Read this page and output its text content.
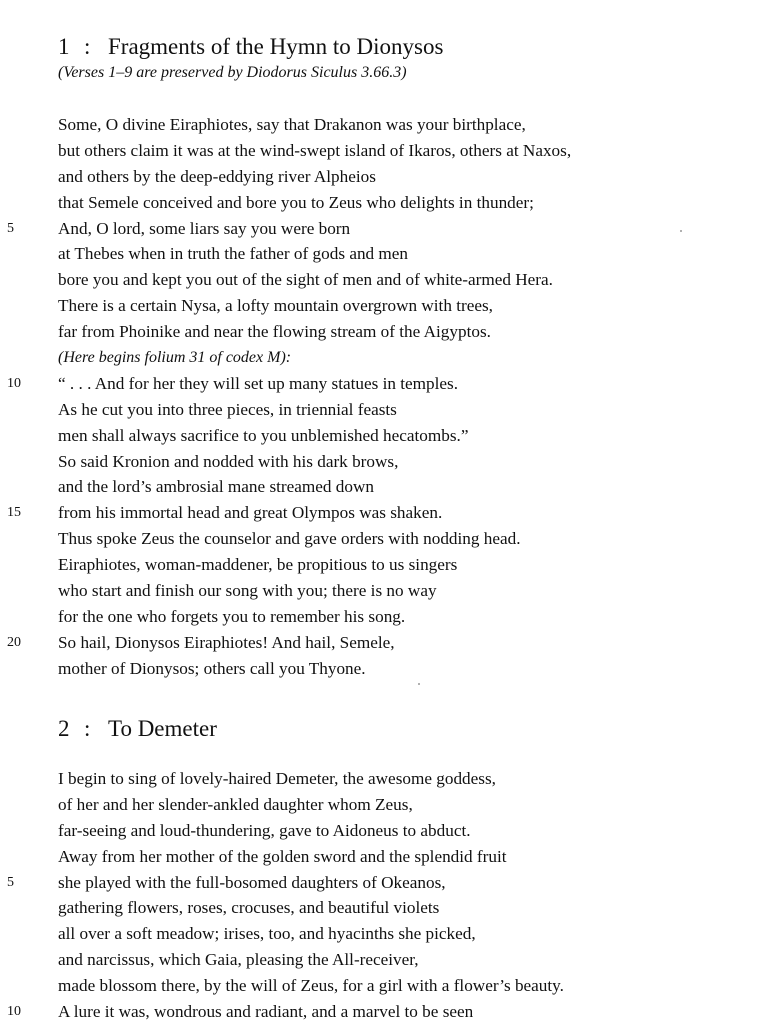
1 : Fragments of the Hymn to Dionysos
(Verses 1–9 are preserved by Diodorus Siculus 3.66.3)
Some, O divine Eiraphiotes, say that Drakanon was your birthplace,
but others claim it was at the wind-swept island of Ikaros, others at Naxos,
and others by the deep-eddying river Alpheios
that Semele conceived and bore you to Zeus who delights in thunder;
5	And, O lord, some liars say you were born
at Thebes when in truth the father of gods and men
bore you and kept you out of the sight of men and of white-armed Hera.
There is a certain Nysa, a lofty mountain overgrown with trees,
far from Phoinike and near the flowing stream of the Aigyptos.
(Here begins folium 31 of codex M):
10	“ . . . And for her they will set up many statues in temples.
As he cut you into three pieces, in triennial feasts
men shall always sacrifice to you unblemished hecatombs.”
So said Kronion and nodded with his dark brows,
and the lord’s ambrosial mane streamed down
15	from his immortal head and great Olympos was shaken.
Thus spoke Zeus the counselor and gave orders with nodding head.
Eiraphiotes, woman-maddener, be propitious to us singers
who start and finish our song with you; there is no way
for the one who forgets you to remember his song.
20	So hail, Dionysos Eiraphiotes! And hail, Semele,
mother of Dionysos; others call you Thyone.
2 : To Demeter
I begin to sing of lovely-haired Demeter, the awesome goddess,
of her and her slender-ankled daughter whom Zeus,
far-seeing and loud-thundering, gave to Aidoneus to abduct.
Away from her mother of the golden sword and the splendid fruit
5	she played with the full-bosomed daughters of Okeanos,
gathering flowers, roses, crocuses, and beautiful violets
all over a soft meadow; irises, too, and hyacinths she picked,
and narcissus, which Gaia, pleasing the All-receiver,
made blossom there, by the will of Zeus, for a girl with a flower’s beauty.
10	A lure it was, wondrous and radiant, and a marvel to be seen
